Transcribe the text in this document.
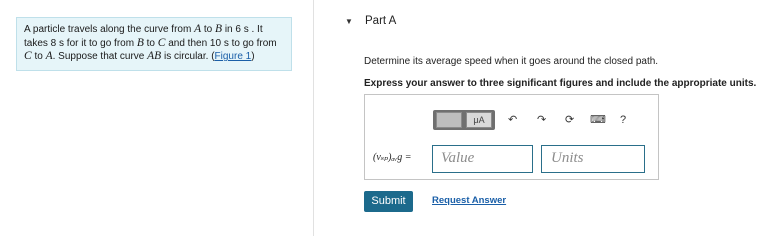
A particle travels along the curve from A to B in 6 s . It
takes 8 s for it to go from B to C and then 10 s to go from
C to A. Suppose that curve AB is circular. (Figure 1)
▼ Part A
Determine its average speed when it goes around the closed path.
Express your answer to three significant figures and include the appropriate units.
μA	↶ ↷ ⟳ ⌨ ?
(vₛₚ)ₐᵥg =	Value	Units
Submit	Request Answer
